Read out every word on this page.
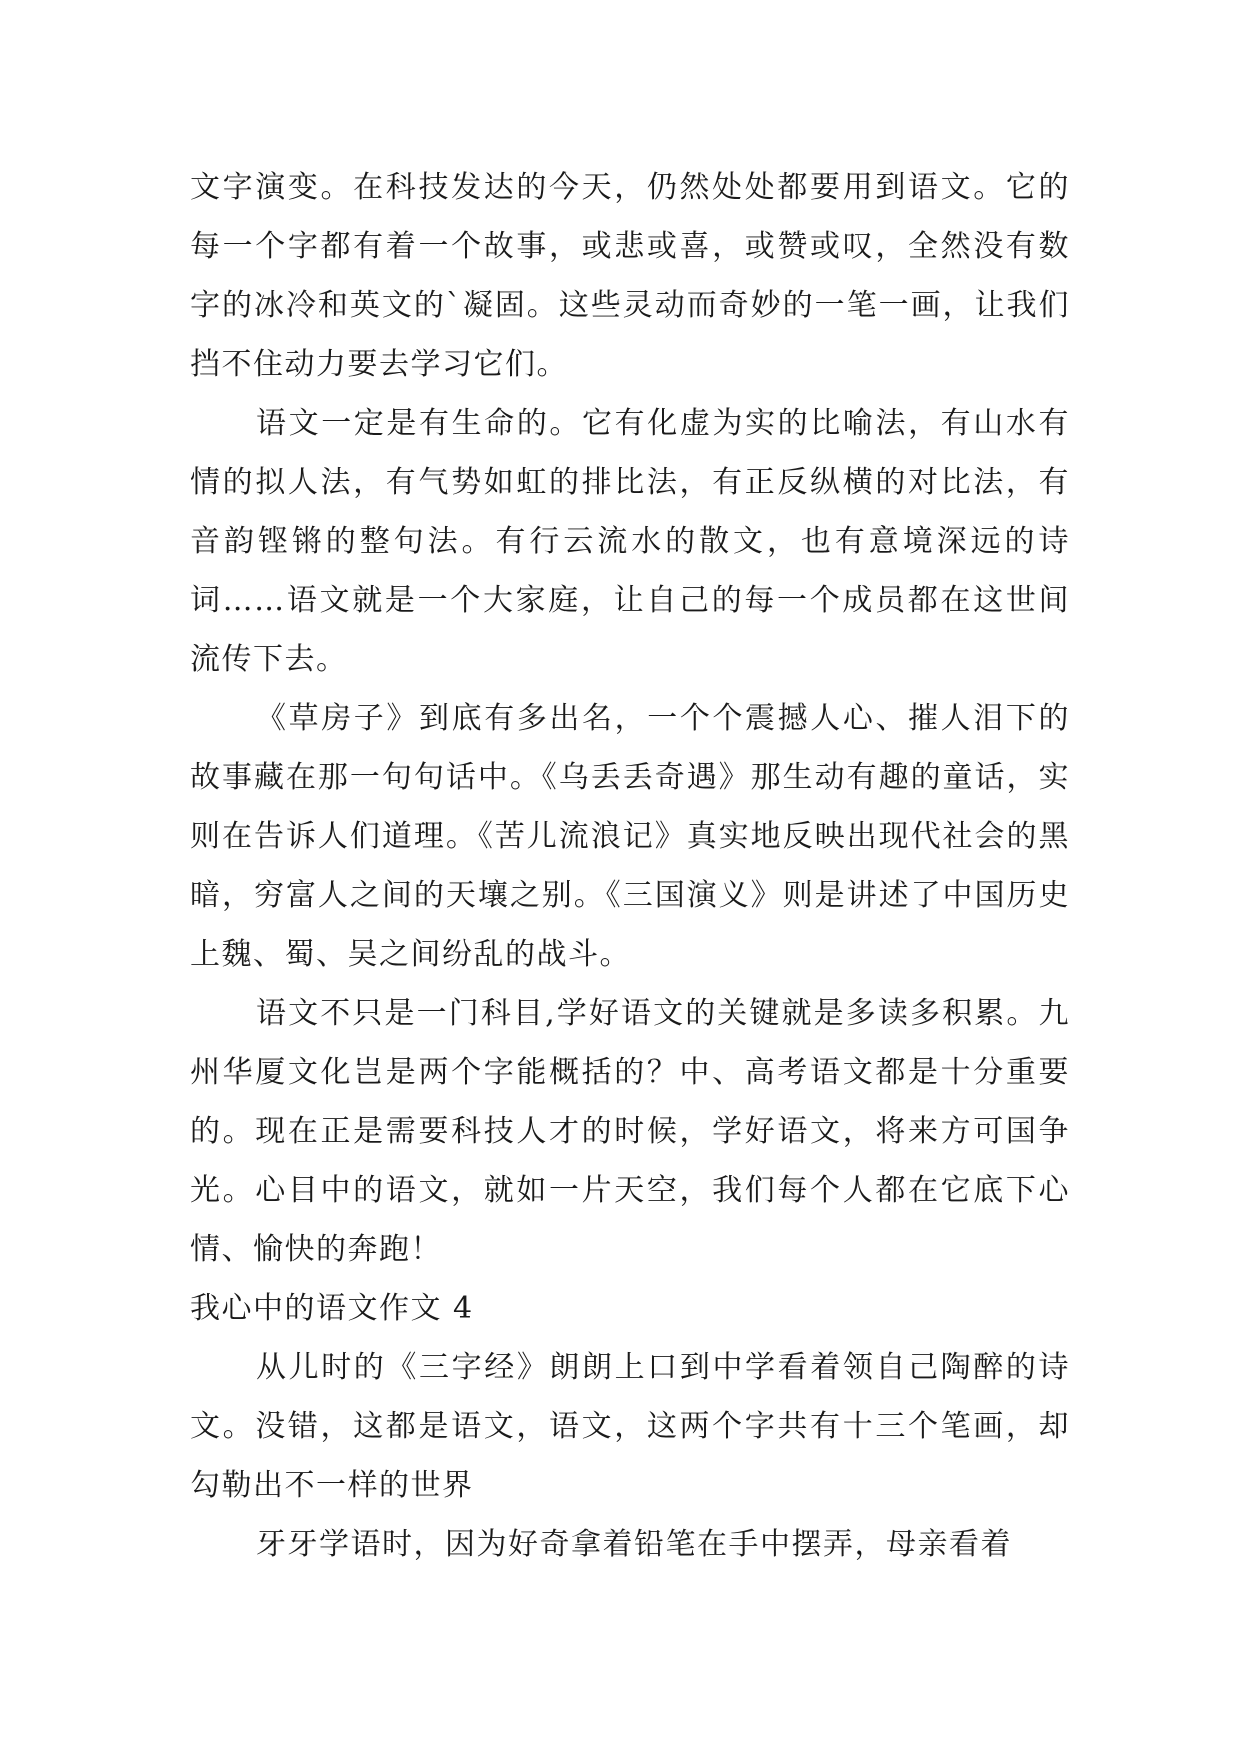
文字演变。在科技发达的今天，仍然处处都要用到语文。它的每一个字都有着一个故事，或悲或喜，或赞或叹，全然没有数字的冰冷和英文的`凝固。这些灵动而奇妙的一笔一画，让我们挡不住动力要去学习它们。

语文一定是有生命的。它有化虚为实的比喻法，有山水有情的拟人法，有气势如虹的排比法，有正反纵横的对比法，有音韵铿锵的整句法。有行云流水的散文，也有意境深远的诗词……语文就是一个大家庭，让自己的每一个成员都在这世间流传下去。

《草房子》到底有多出名，一个个震撼人心、摧人泪下的故事藏在那一句句话中。《乌丢丢奇遇》那生动有趣的童话，实则在告诉人们道理。《苦儿流浪记》真实地反映出现代社会的黑暗，穷富人之间的天壤之别。《三国演义》则是讲述了中国历史上魏、蜀、吴之间纷乱的战斗。

语文不只是一门科目,学好语文的关键就是多读多积累。九州华厦文化岂是两个字能概括的？中、高考语文都是十分重要的。现在正是需要科技人才的时候，学好语文，将来方可国争光。心目中的语文，就如一片天空，我们每个人都在它底下心情、愉快的奔跑！

我心中的语文作文 4

从儿时的《三字经》朗朗上口到中学看着领自己陶醉的诗文。没错，这都是语文，语文，这两个字共有十三个笔画，却勾勒出不一样的世界

牙牙学语时，因为好奇拿着铅笔在手中摆弄，母亲看着
